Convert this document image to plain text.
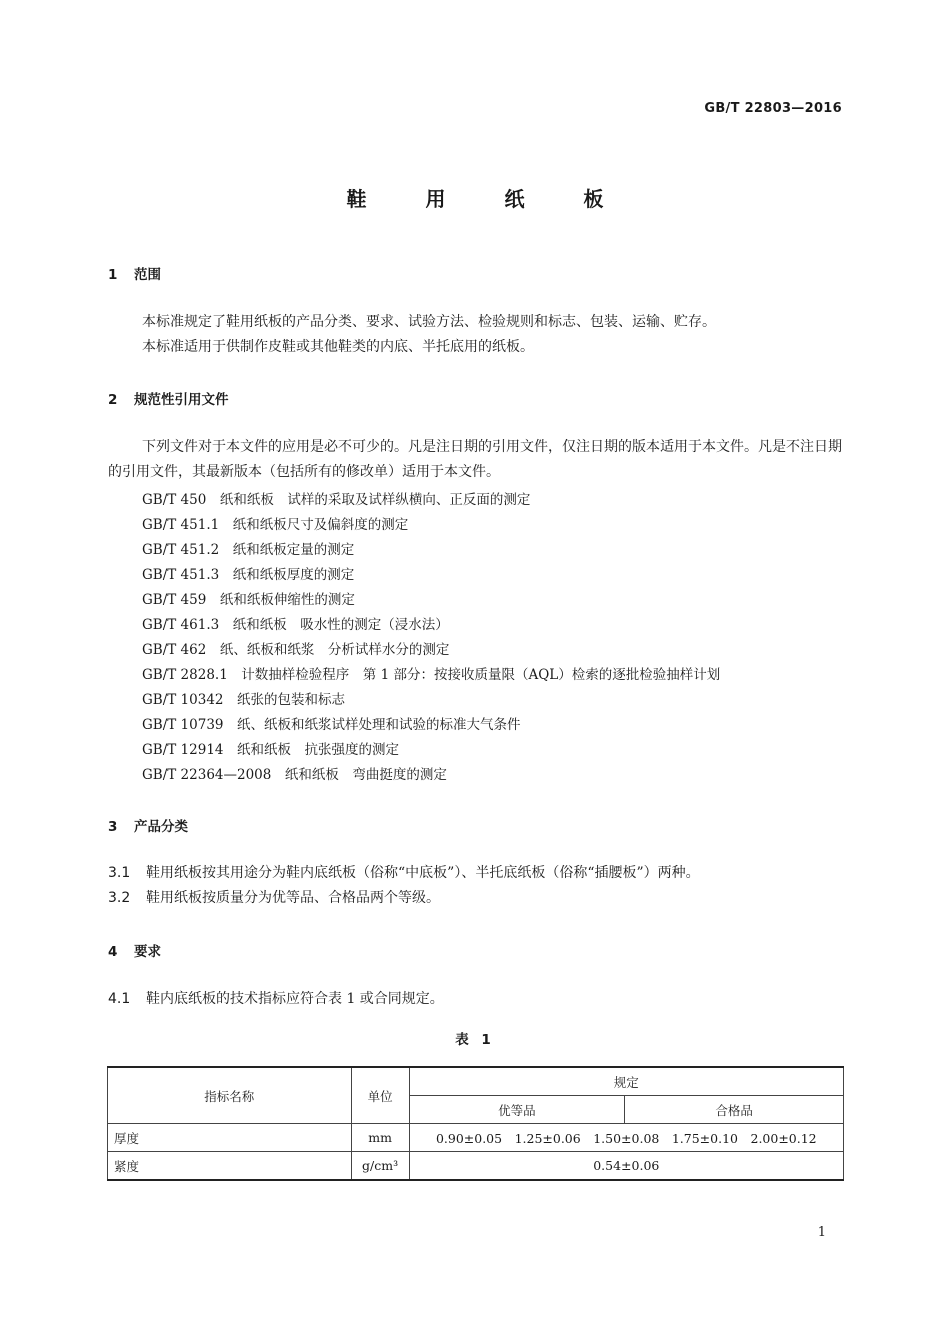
GB/T 22803—2016
鞋 用 纸 板
1 范围
本标准规定了鞋用纸板的产品分类、要求、试验方法、检验规则和标志、包装、运输、贮存。
本标准适用于供制作皮鞋或其他鞋类的内底、半托底用的纸板。
2 规范性引用文件
下列文件对于本文件的应用是必不可少的。凡是注日期的引用文件，仅注日期的版本适用于本文件。凡是不注日期的引用文件，其最新版本（包括所有的修改单）适用于本文件。
GB/T 450　纸和纸板　试样的采取及试样纵横向、正反面的测定
GB/T 451.1　纸和纸板尺寸及偏斜度的测定
GB/T 451.2　纸和纸板定量的测定
GB/T 451.3　纸和纸板厚度的测定
GB/T 459　纸和纸板伸缩性的测定
GB/T 461.3　纸和纸板　吸水性的测定（浸水法）
GB/T 462　纸、纸板和纸浆　分析试样水分的测定
GB/T 2828.1　计数抽样检验程序　第 1 部分：按接收质量限（AQL）检索的逐批检验抽样计划
GB/T 10342　纸张的包装和标志
GB/T 10739　纸、纸板和纸浆试样处理和试验的标准大气条件
GB/T 12914　纸和纸板　抗张强度的测定
GB/T 22364—2008　纸和纸板　弯曲挺度的测定
3 产品分类
3.1 鞋用纸板按其用途分为鞋内底纸板（俗称“中底板”）、半托底纸板（俗称“插腰板”）两种。
3.2 鞋用纸板按质量分为优等品、合格品两个等级。
4 要求
4.1 鞋内底纸板的技术指标应符合表 1 或合同规定。
表 1
指标名称	单位	规定	
		优等品	合格品
厚度	mm	0.90±0.05　1.25±0.06　1.50±0.08　1.75±0.10　2.00±0.12	
紧度	g/cm³	0.54±0.06	
1
